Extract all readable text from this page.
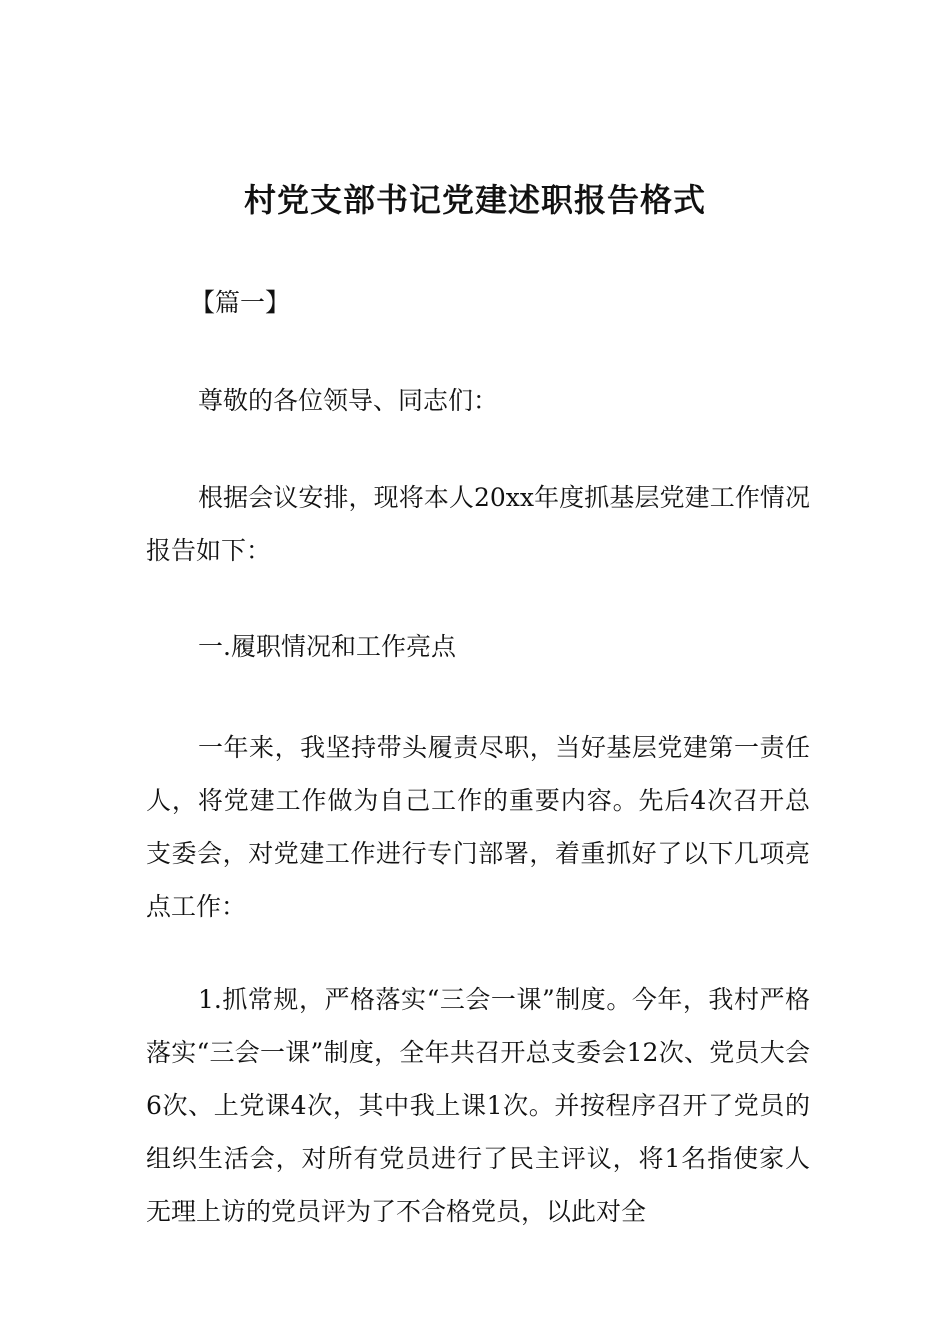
村党支部书记党建述职报告格式
【篇一】

尊敬的各位领导、同志们：

根据会议安排，现将本人20xx年度抓基层党建工作情况报告如下：

一.履职情况和工作亮点

一年来，我坚持带头履责尽职，当好基层党建第一责任人，将党建工作做为自己工作的重要内容。先后4次召开总支委会，对党建工作进行专门部署，着重抓好了以下几项亮点工作：

1.抓常规，严格落实“三会一课”制度。今年，我村严格落实“三会一课”制度，全年共召开总支委会12次、党员大会6次、上党课4次，其中我上课1次。并按程序召开了党员的组织生活会，对所有党员进行了民主评议，将1名指使家人无理上访的党员评为了不合格党员，以此对全
